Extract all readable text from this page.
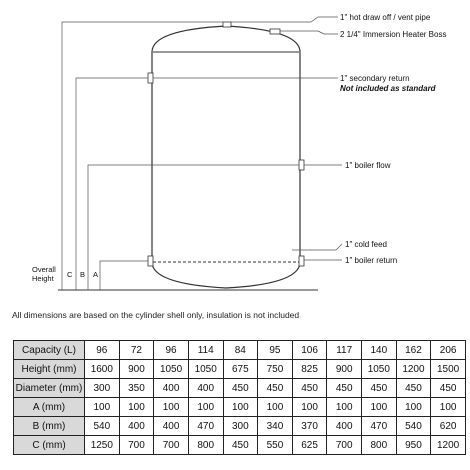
1" hot draw off / vent pipe
2 1/4" Immersion Heater Boss
1" secondary return
Not included as standard
1" boiler flow
1" cold feed
1" boiler return
Overall
Height C B A
All dimensions are based on the cylinder shell only, insulation is not included
Capacity (L)	96	72	96	114	84	95	106	117	140	162	206
Height (mm)	1600	900	1050	1050	675	750	825	900	1050	1200	1500
Diameter (mm)	300	350	400	400	450	450	450	450	450	450	450
A (mm)	100	100	100	100	100	100	100	100	100	100	100
B (mm)	540	400	400	470	300	340	370	400	470	540	620
C (mm)	1250	700	700	800	450	550	625	700	800	950	1200
